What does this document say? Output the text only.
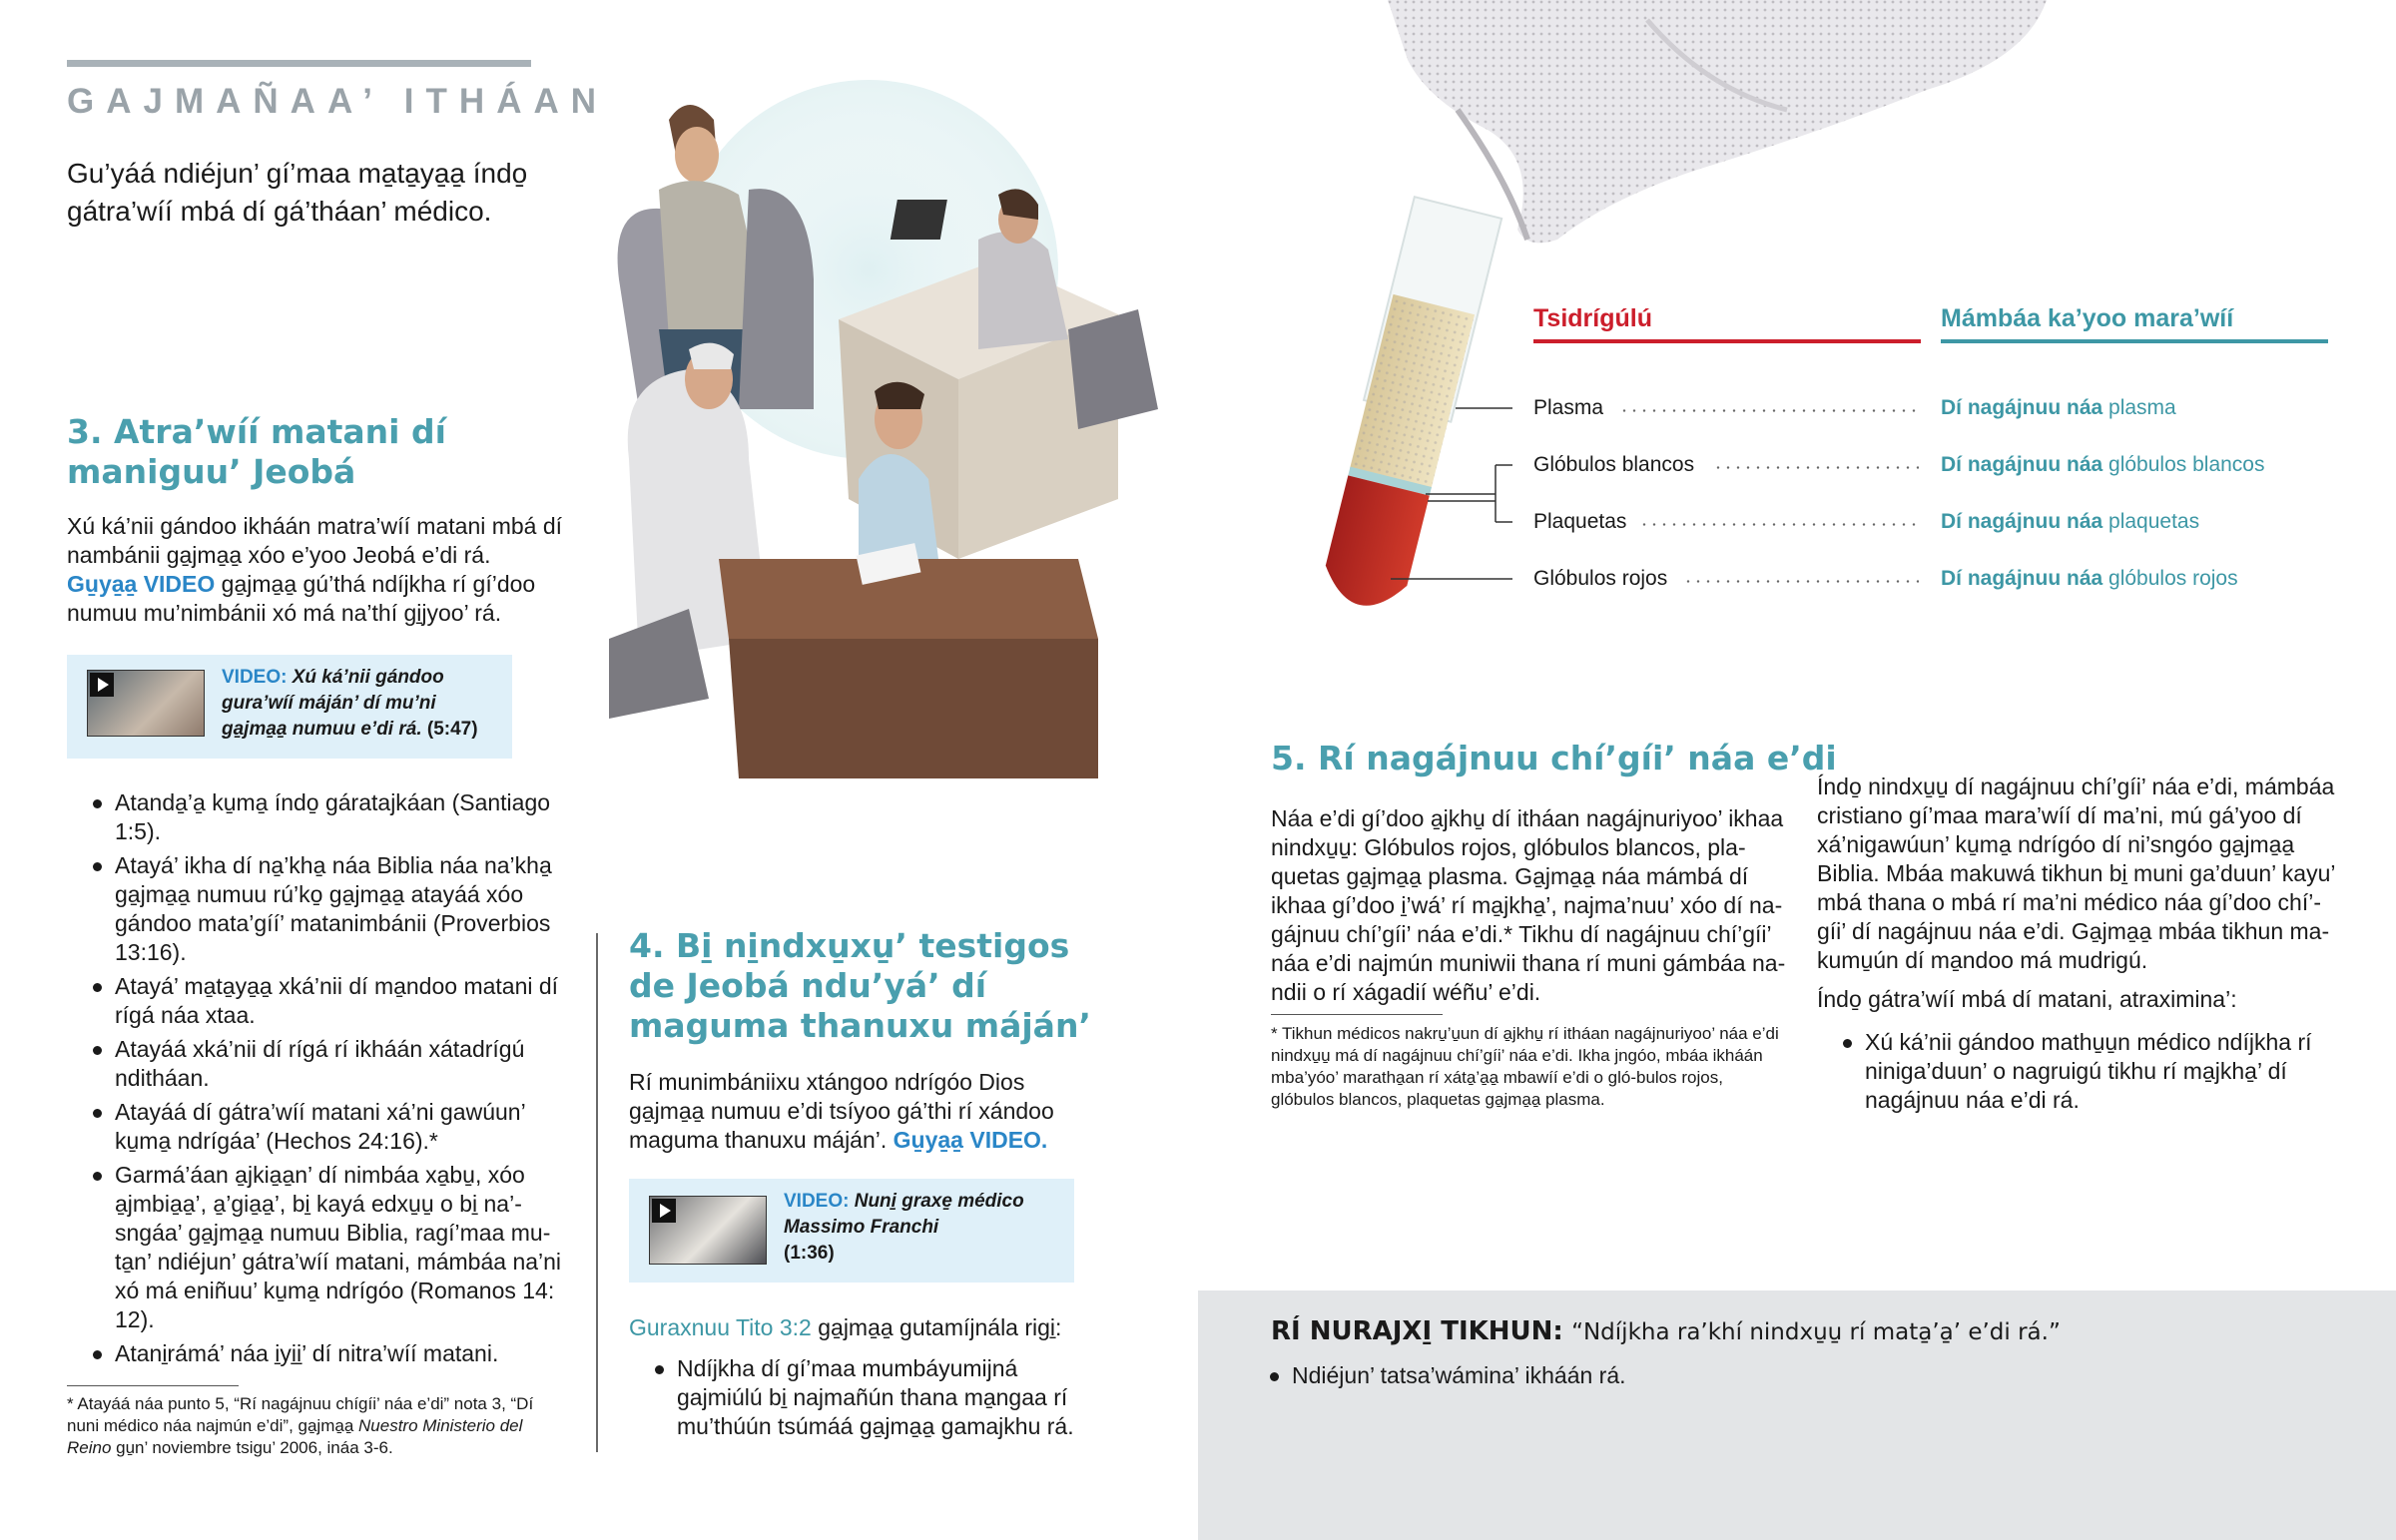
GAJMAÑAA’ ITHÁAN
Gu’yáá ndiéjun’ gí’maa ma̱ta̱ya̱a̱ índo̱ gátra’wíí mbá dí gá’tháan’ médico.
3. Atra’wíí matani dí maniguu’ Jeobá

Xú ká’nii gándoo ikháán matra’wíí matani mbá dí nambánii ga̱jma̱a̱ xóo e’yoo Jeobá e’di rá. Gu̱ya̱a̱ VIDEO ga̱jma̱a̱ gú’thá ndíjkha rí gí’doo numuu mu’nimbánii xó má na’thí gi̱jyoo’ rá.

VIDEO: Xú ká’nii gándoo gura’wíí máján’ dí mu’ni ga̱jma̱a̱ numuu e’di rá. (5:47)
Atanda̱’a̱ ku̱ma̱ índo̱ gáratajkáan (Santiago 1:5).
Atayá’ ikha dí na̱’kha̱ náa Biblia náa na’kha̱ ga̱jma̱a̱ numuu rú’ko̱ ga̱jma̱a̱ atayáá xóo gándoo mata’gíí’ matanimbánii (Proverbios 13:16).
Atayá’ ma̱ta̱ya̱a̱ xká’nii dí ma̱ndoo matani dí rígá náa xtaa.
Atayáá xká’nii dí rígá rí ikháán xátadrígú nditháan.
Atayáá dí gátra’wíí matani xá’ni gawúun’ ku̱ma̱ ndrígáa’ (Hechos 24:16).*
Garmá’áan a̱jkia̱a̱n’ dí nimbáa xa̱bu̱, xóo a̱jmbia̱a̱’, a̱’gia̱a̱’, bi̱ kayá edxu̱u̱ o bi̱ na’-sngáa’ ga̱jma̱a̱ numuu Biblia, ragí’maa mu-ta̱n’ ndiéjun’ gátra’wíí matani, mámbáa na’ni xó má eniñuu’ ku̱ma̱ ndrígóo (Romanos 14: 12).
Atani̱rámá’ náa i̱yi̱i̱’ dí nitra’wíí matani.

* Atayáá náa punto 5, “Rí nagájnuu chígíi’ náa e’di” nota 3, “Dí nuni médico náa najmún e’di”, ga̱jma̱a̱ Nuestro Ministerio del Reino gu̱n’ noviembre tsigu’ 2006, ináa 3-6.

4. Bi̱ ni̱ndxu̱xu̱’ testigos de Jeobá ndu’yá’ dí maguma thanuxu máján’

Rí munimbániixu xtángoo ndrígóo Dios ga̱jma̱a̱ numuu e’di tsíyoo gá’thi rí xándoo maguma thanuxu máján’. Gu̱ya̱a̱ VIDEO.

VIDEO: Nuni̱ graxe̱ médico Massimo Franchi
(1:36)

Guraxnuu Tito 3:2 ga̱jma̱a̱ gutamíjnála rigi̱:

Ndíjkha dí gí’maa mumbáyumijná gajmiúlú bi̱ najmañún thana ma̱ngaa rí mu’thúún tsúmáá ga̱jma̱a̱ gamajkhu rá.
Tsidrígúlú	Mámbáa ka’yoo mara’wíí
Plasma	Dí nagájnuu náa plasma
Glóbulos blancos	Dí nagájnuu náa glóbulos blancos
Plaquetas	Dí nagájnuu náa plaquetas
Glóbulos rojos	Dí nagájnuu náa glóbulos rojos
5. Rí nagájnuu chí’gíi’ náa e’di

Náa e’di gí’doo a̱jkhu̱ dí itháan nagájnuriyoo’ ikhaa nindxu̱u̱: Glóbulos rojos, glóbulos blancos, pla-quetas ga̱jma̱a̱ plasma. Ga̱jma̱a̱ náa mámbá dí ikhaa gí’doo i̱’wá’ rí ma̱jkha̱’, najma’nuu’ xóo dí na-gájnuu chí’gíi’ náa e’di.* Tikhu dí nagájnuu chí’gíi’ náa e’di najmún muniwii thana rí muni gámbáa na-ndii o rí xágadií wéñu’ e’di.

* Tikhun médicos nakru̱’u̱un dí a̱jkhu̱ rí itháan nagájnuriyoo’ náa e’di nindxu̱u̱ má dí nagájnuu chí’gíi’ náa e’di. Ikha jngóo, mbáa ikháán mba’yóo’ maratha̱an rí xáta̱’a̱a̱ mbawíí e’di o gló-bulos rojos, glóbulos blancos, plaquetas ga̱jma̱a̱ plasma.

Índo̱ nindxu̱u̱ dí nagájnuu chí’gíi’ náa e’di, mámbáa cristiano gí’maa mara’wíí dí ma’ni, mú gá’yoo dí xá’nigawúun’ ku̱ma̱ ndrígóo dí ni’sngóo ga̱jma̱a̱ Biblia. Mbáa makuwá tikhun bi̱ muni ga’duun’ kayu’ mbá thana o mbá rí ma’ni médico náa gí’doo chí’-gíi’ dí nagájnuu náa e’di. Ga̱jma̱a̱ mbáa tikhun ma-kumu̱ún dí ma̱ndoo má mudrigú.

Índo̱ gátra’wíí mbá dí matani, atraximina’:

Xú ká’nii gándoo mathu̱u̱n médico ndíjkha rí niniga’duun’ o nagruigú tikhu rí ma̱jkha̱’ dí nagájnuu náa e’di rá.

RÍ NURAJXI̱ TIKHUN: “Ndíjkha ra’khí nindxu̱u̱ rí mata̱’a̱’ e’di rá.”

Ndiéjun’ tatsa’wámina’ ikháán rá.
